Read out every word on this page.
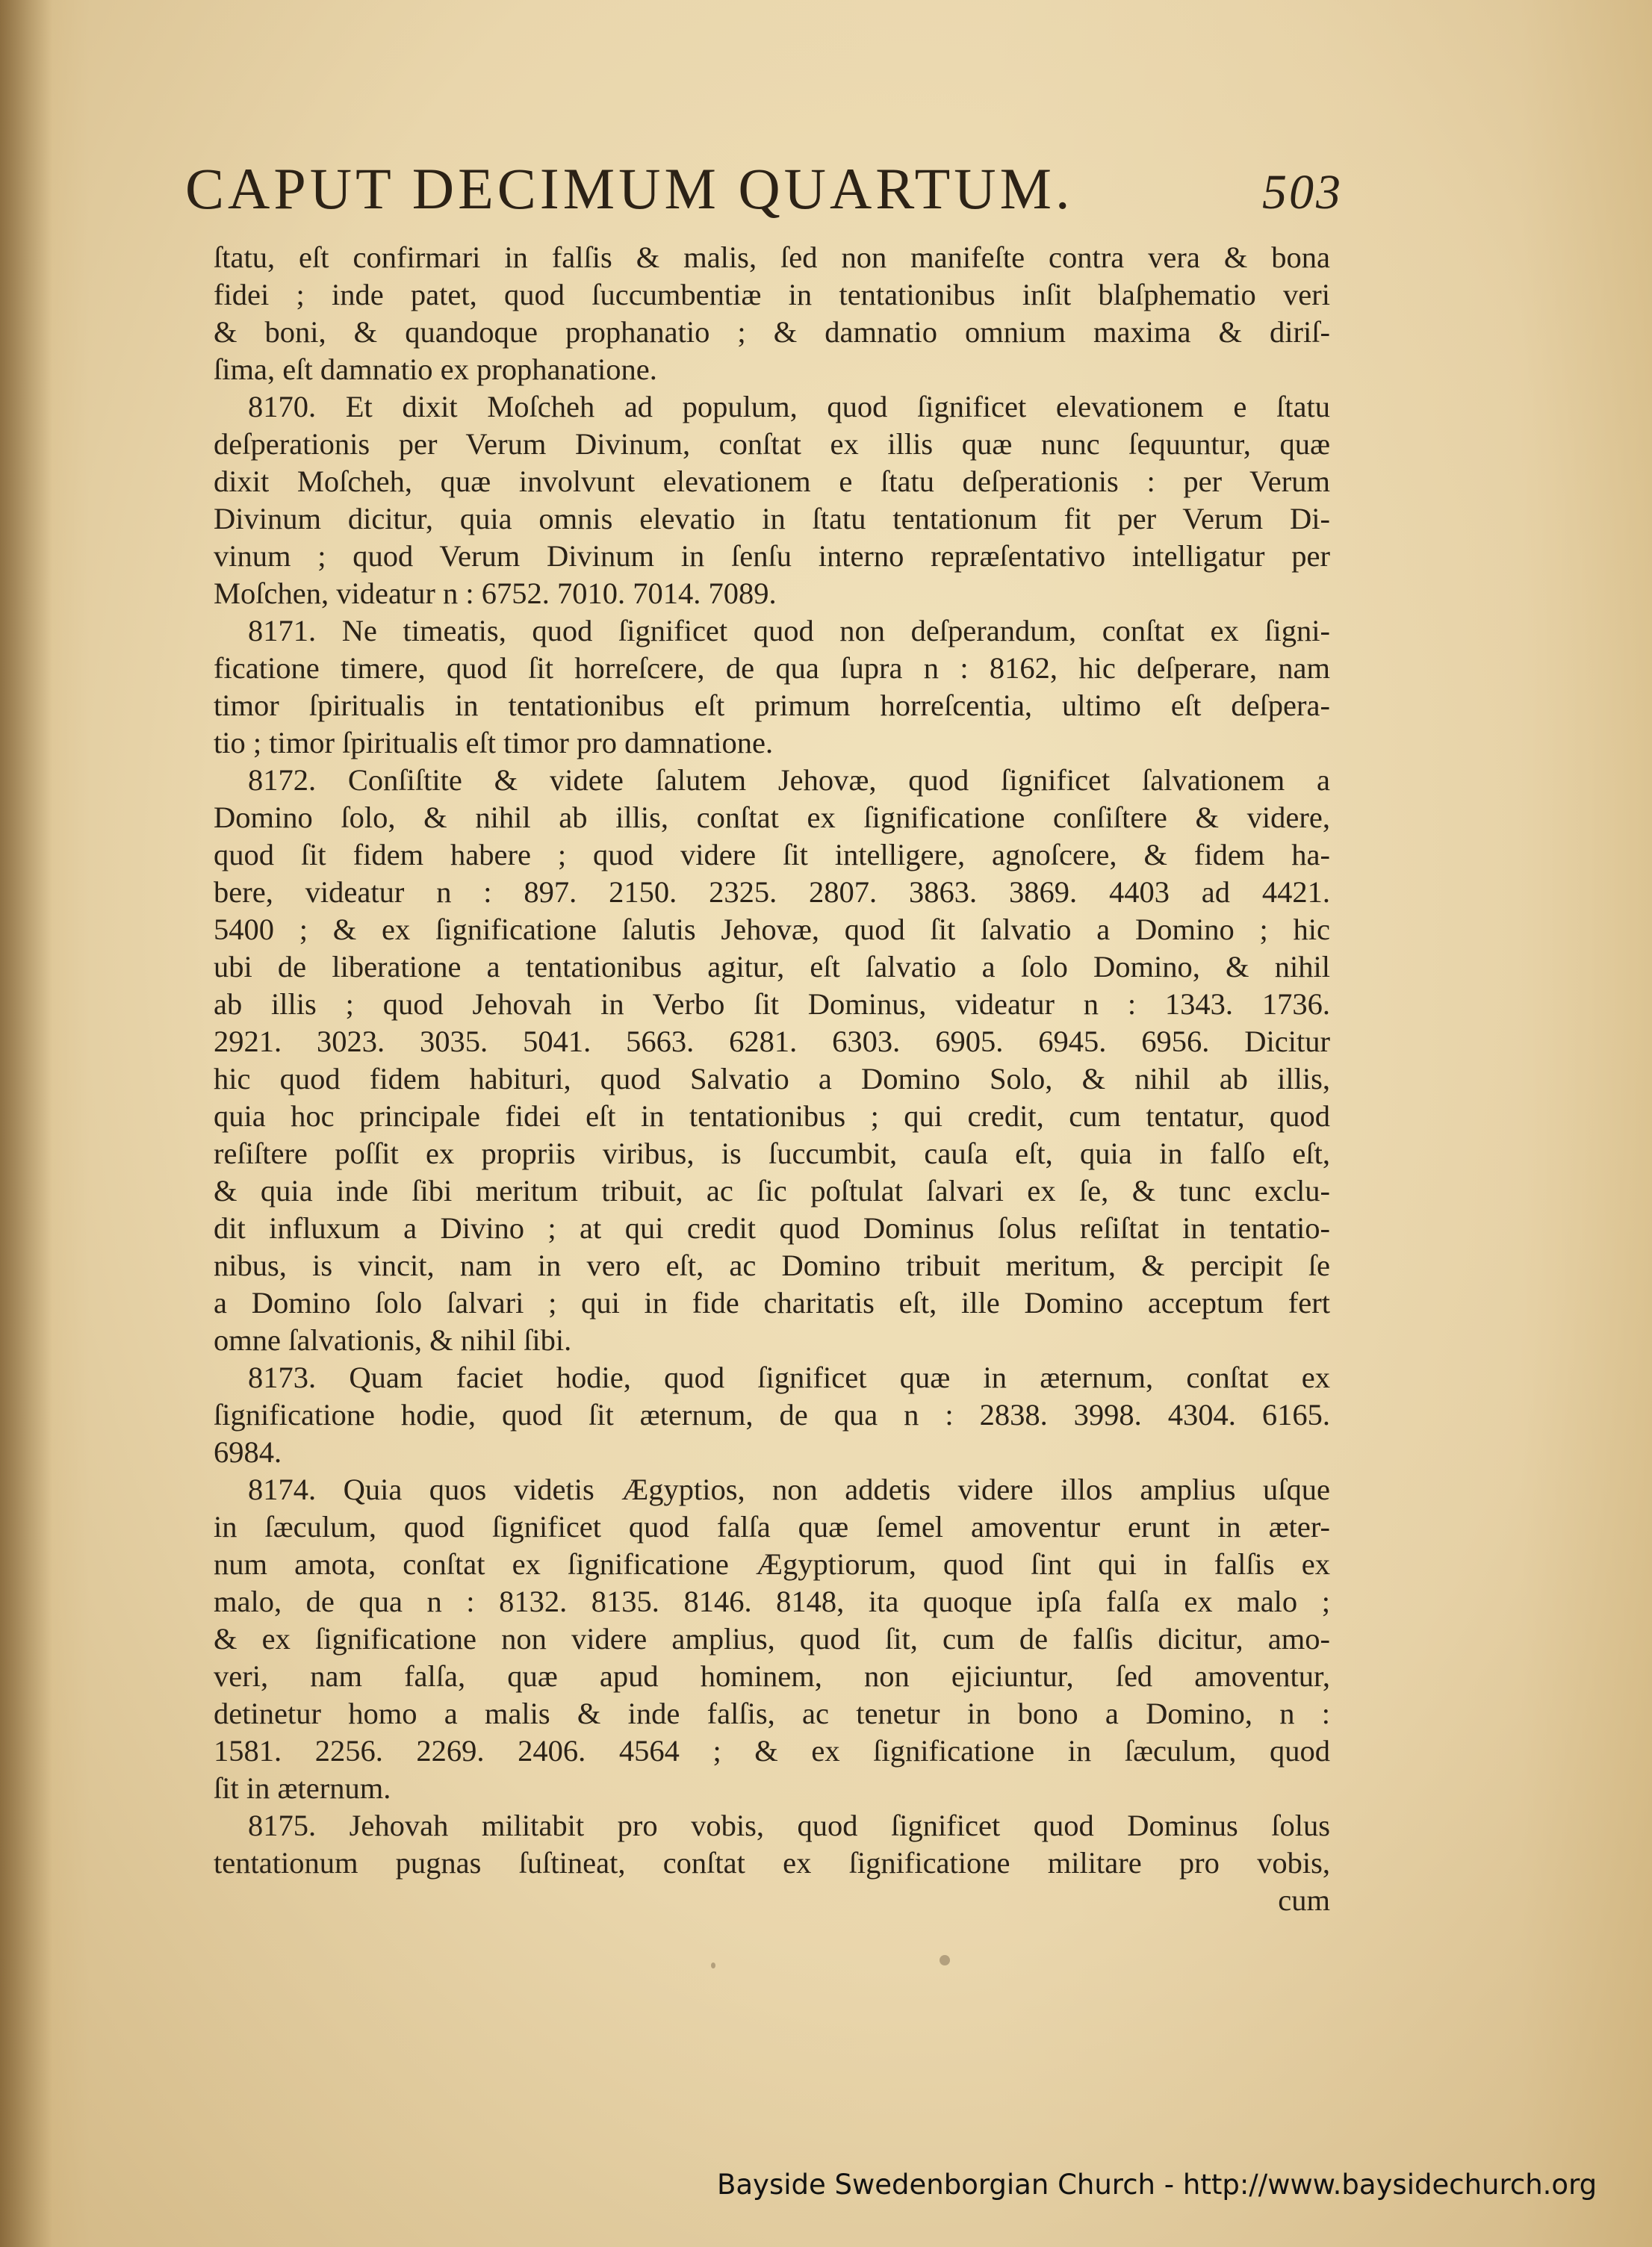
CAPUT DECIMUM QUARTUM.	503
ſtatu, eſt confirmari in falſis & malis, ſed non manifeſte contra vera & bona
fidei ; inde patet, quod ſuccumbentiæ in tentationibus inſit blaſphematio veri
& boni, & quandoque prophanatio ; & damnatio omnium maxima & diriſ-
ſima, eſt damnatio ex prophanatione.
8170. Et dixit Moſcheh ad populum, quod ſignificet elevationem e ſtatu
deſperationis per Verum Divinum, conſtat ex illis quæ nunc ſequuntur, quæ
dixit Moſcheh, quæ involvunt elevationem e ſtatu deſperationis : per Verum
Divinum dicitur, quia omnis elevatio in ſtatu tentationum fit per Verum Di-
vinum ; quod Verum Divinum in ſenſu interno repræſentativo intelligatur per
Moſchen, videatur n : 6752. 7010. 7014. 7089.
8171. Ne timeatis, quod ſignificet quod non deſperandum, conſtat ex ſigni-
ficatione timere, quod ſit horreſcere, de qua ſupra n : 8162, hic deſperare, nam
timor ſpiritualis in tentationibus eſt primum horreſcentia, ultimo eſt deſpera-
tio ; timor ſpiritualis eſt timor pro damnatione.
8172. Conſiſtite & videte ſalutem Jehovæ, quod ſignificet ſalvationem a
Domino ſolo, & nihil ab illis, conſtat ex ſignificatione conſiſtere & videre,
quod ſit fidem habere ; quod videre ſit intelligere, agnoſcere, & fidem ha-
bere, videatur n : 897. 2150. 2325. 2807. 3863. 3869. 4403 ad 4421.
5400 ; & ex ſignificatione ſalutis Jehovæ, quod ſit ſalvatio a Domino ; hic
ubi de liberatione a tentationibus agitur, eſt ſalvatio a ſolo Domino, & nihil
ab illis ; quod Jehovah in Verbo ſit Dominus, videatur n : 1343. 1736.
2921. 3023. 3035. 5041. 5663. 6281. 6303. 6905. 6945. 6956. Dicitur
hic quod fidem habituri, quod Salvatio a Domino Solo, & nihil ab illis,
quia hoc principale fidei eſt in tentationibus ; qui credit, cum tentatur, quod
reſiſtere poſſit ex propriis viribus, is ſuccumbit, cauſa eſt, quia in falſo eſt,
& quia inde ſibi meritum tribuit, ac ſic poſtulat ſalvari ex ſe, & tunc exclu-
dit influxum a Divino ; at qui credit quod Dominus ſolus reſiſtat in tentatio-
nibus, is vincit, nam in vero eſt, ac Domino tribuit meritum, & percipit ſe
a Domino ſolo ſalvari ; qui in fide charitatis eſt, ille Domino acceptum fert
omne ſalvationis, & nihil ſibi.
8173. Quam faciet hodie, quod ſignificet quæ in æternum, conſtat ex
ſignificatione hodie, quod ſit æternum, de qua n : 2838. 3998. 4304. 6165.
6984.
8174. Quia quos videtis Ægyptios, non addetis videre illos amplius uſque
in ſæculum, quod ſignificet quod falſa quæ ſemel amoventur erunt in æter-
num amota, conſtat ex ſignificatione Ægyptiorum, quod ſint qui in falſis ex
malo, de qua n : 8132. 8135. 8146. 8148, ita quoque ipſa falſa ex malo ;
& ex ſignificatione non videre amplius, quod ſit, cum de falſis dicitur, amo-
veri, nam falſa, quæ apud hominem, non ejiciuntur, ſed amoventur,
detinetur homo a malis & inde falſis, ac tenetur in bono a Domino, n :
1581. 2256. 2269. 2406. 4564 ; & ex ſignificatione in ſæculum, quod
ſit in æternum.
8175. Jehovah militabit pro vobis, quod ſignificet quod Dominus ſolus
tentationum pugnas ſuſtineat, conſtat ex ſignificatione militare pro vobis,
cum
Bayside Swedenborgian Church - http://www.baysidechurch.org
